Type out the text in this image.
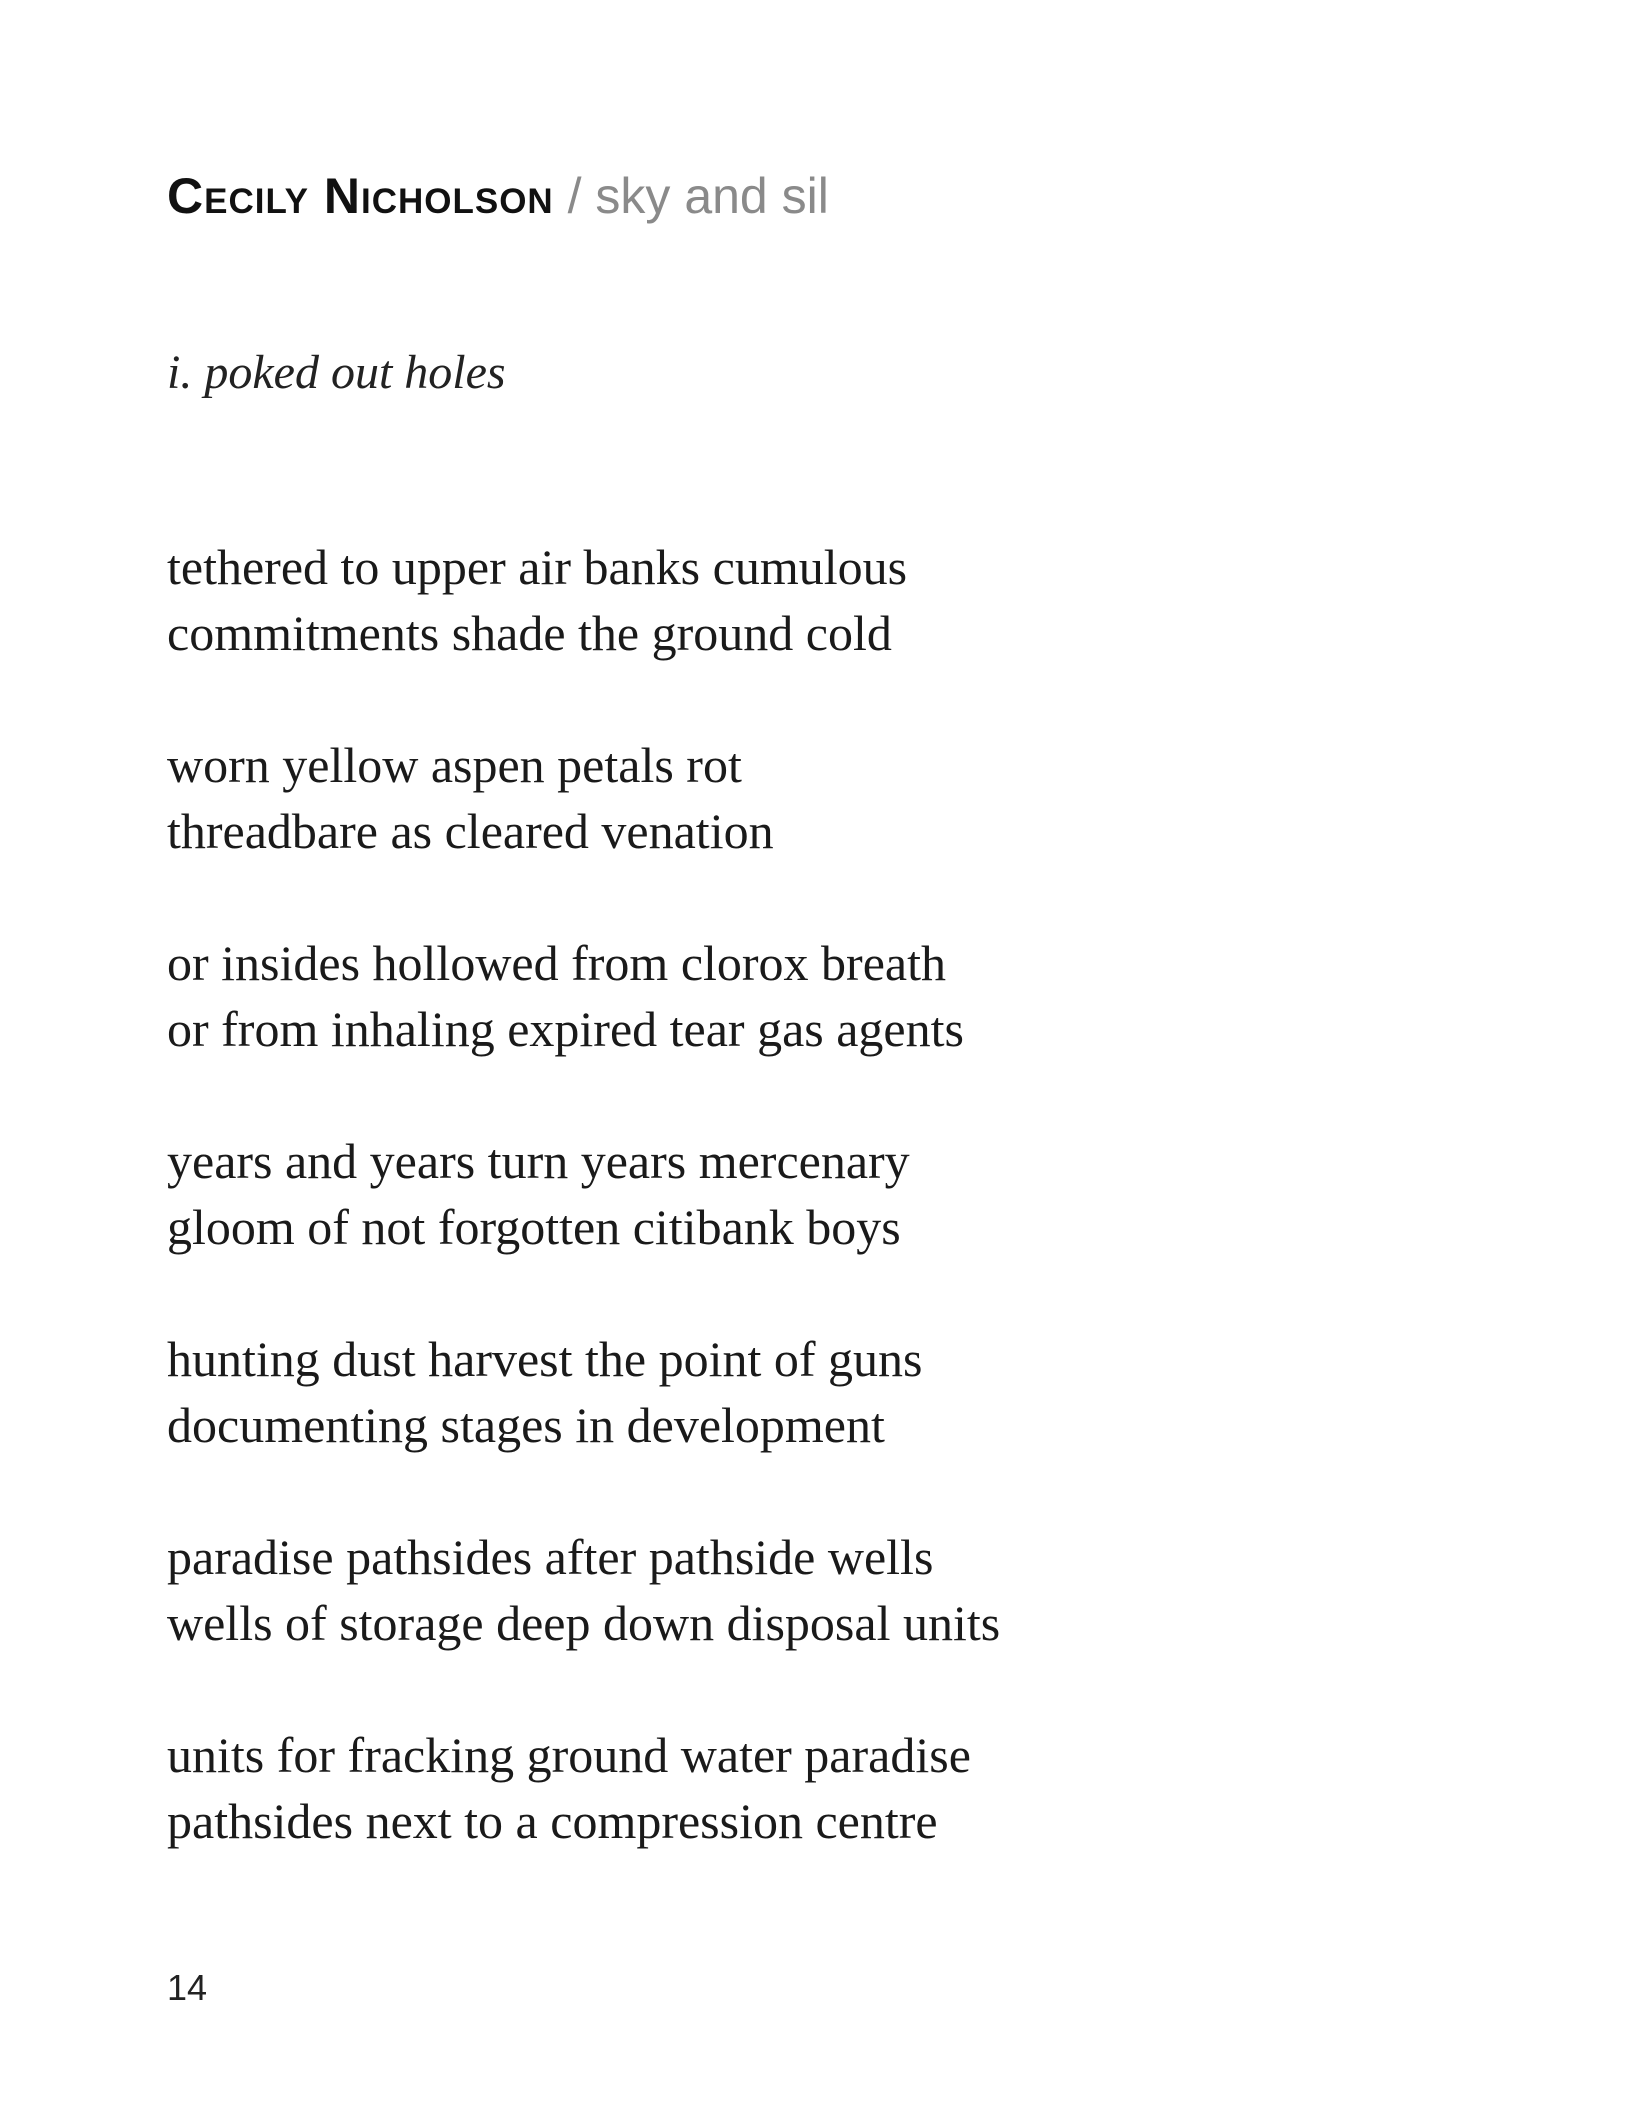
Cecily Nicholson / sky and sil
i. poked out holes
tethered to upper air banks cumulous
commitments shade the ground cold
worn yellow aspen petals rot
threadbare as cleared venation
or insides hollowed from clorox breath
or from inhaling expired tear gas agents
years and years turn years mercenary
gloom of not forgotten citibank boys
hunting dust harvest the point of guns
documenting stages in development
paradise pathsides after pathside wells
wells of storage deep down disposal units
units for fracking ground water paradise
pathsides next to a compression centre
14
